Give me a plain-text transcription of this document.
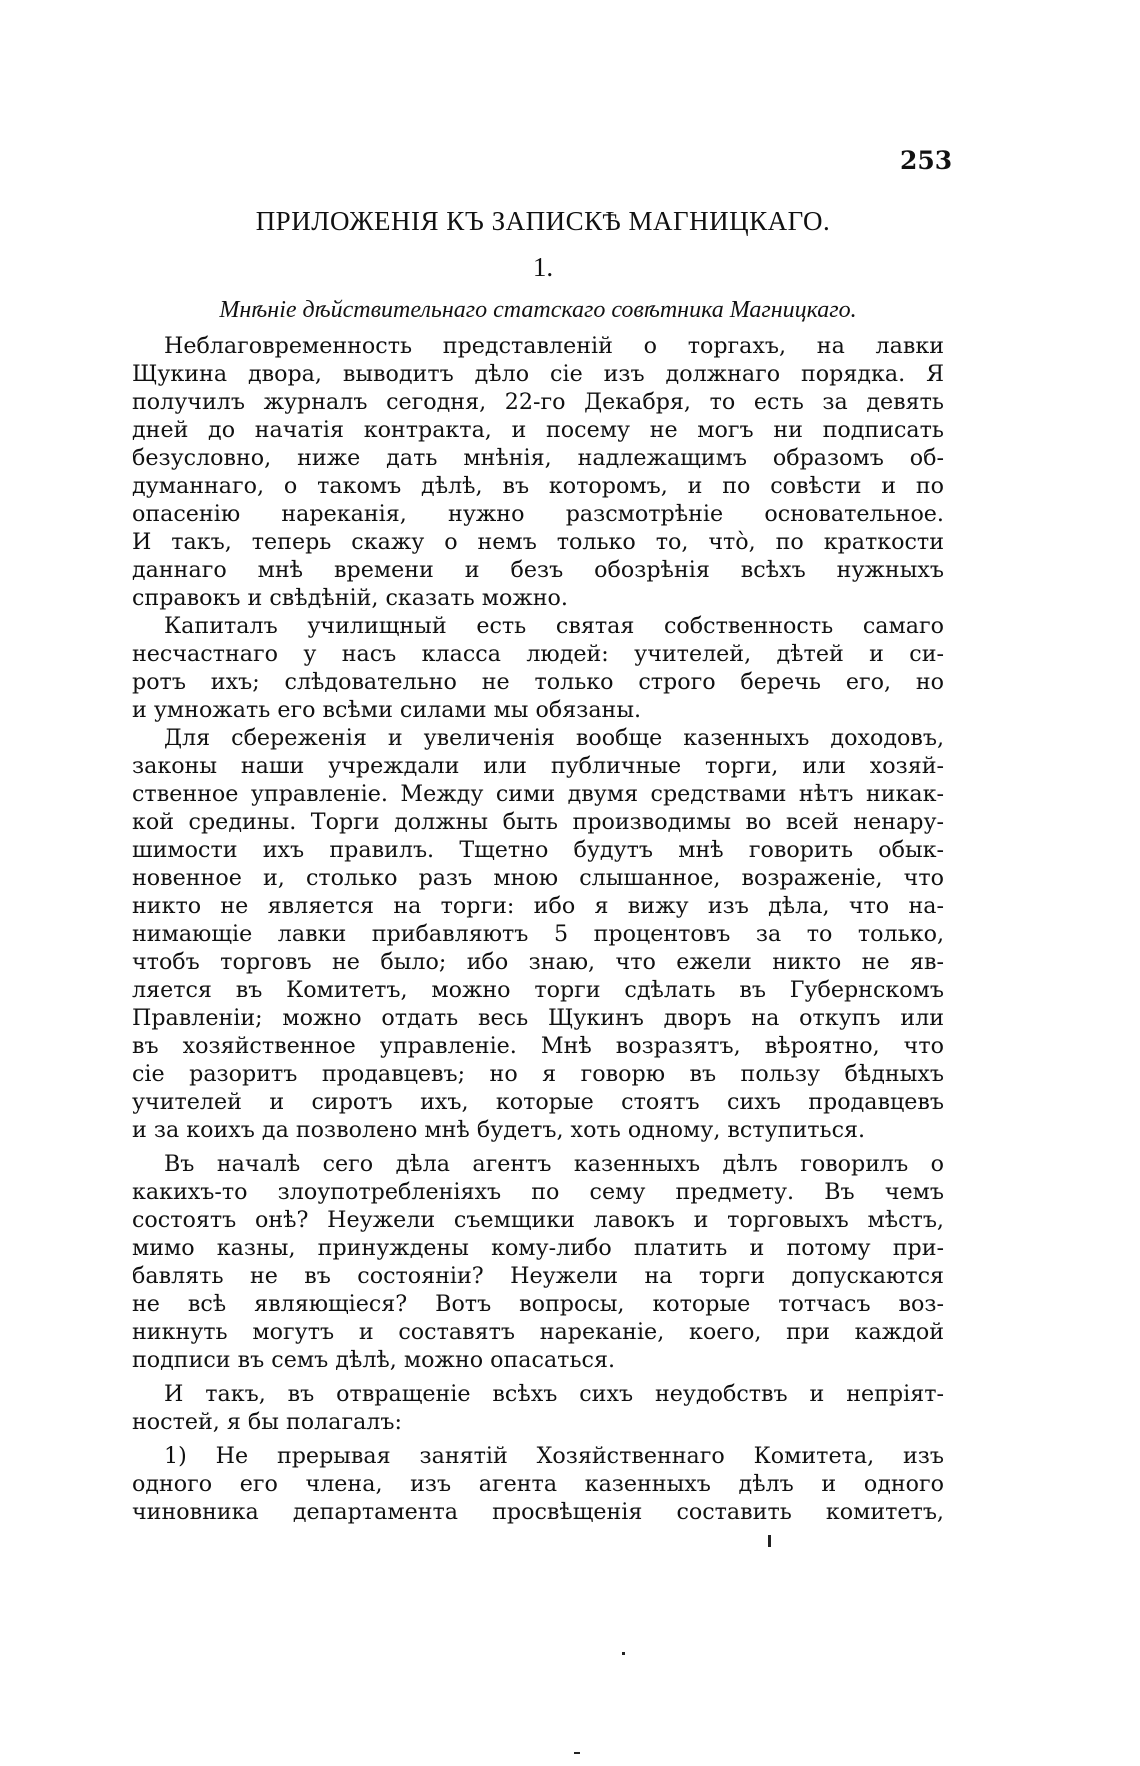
253
ПРИЛОЖЕНІЯ КЪ ЗАПИСКѢ МАГНИЦКАГО.
1.
Мнѣніе дѣйствительнаго статскаго совѣтника Магницкаго.
Неблаговременность представленій о торгахъ, на лавки
Щукина двора, выводитъ дѣло сіе изъ должнаго порядка. Я
получилъ журналъ сегодня, 22-го Декабря, то есть за девять
дней до начатія контракта, и посему не могъ ни подписать
безусловно, ниже дать мнѣнія, надлежащимъ образомъ об-
думаннаго, о такомъ дѣлѣ, въ которомъ, и по совѣсти и по
опасенію нареканія, нужно разсмотрѣніе основательное.
И такъ, теперь скажу о немъ только то, что̀, по краткости
даннаго мнѣ времени и безъ обозрѣнія всѣхъ нужныхъ
справокъ и свѣдѣній, сказать можно.
Капиталъ училищный есть святая собственность самаго
несчастнаго у насъ класса людей: учителей, дѣтей и си-
ротъ ихъ; слѣдовательно не только строго беречь его, но
и умножать его всѣми силами мы обязаны.
Для сбереженія и увеличенія вообще казенныхъ доходовъ,
законы наши учреждали или публичные торги, или хозяй-
ственное управленіе. Между сими двумя средствами нѣтъ никак-
кой средины. Торги должны быть производимы во всей ненару-
шимости ихъ правилъ. Тщетно будутъ мнѣ говорить обык-
новенное и, столько разъ мною слышанное, возраженіе, что
никто не является на торги: ибо я вижу изъ дѣла, что на-
нимающіе лавки прибавляютъ 5 процентовъ за то только,
чтобъ торговъ не было; ибо знаю, что ежели никто не яв-
ляется въ Комитетъ, можно торги сдѣлать въ Губернскомъ
Правленіи; можно отдать весь Щукинъ дворъ на откупъ или
въ хозяйственное управленіе. Мнѣ возразятъ, вѣроятно, что
сіе разоритъ продавцевъ; но я говорю въ пользу бѣдныхъ
учителей и сиротъ ихъ, которые стоятъ сихъ продавцевъ
и за коихъ да позволено мнѣ будетъ, хоть одному, вступиться.
Въ началѣ сего дѣла агентъ казенныхъ дѣлъ говорилъ о
какихъ-то злоупотребленіяхъ по сему предмету. Въ чемъ
состоятъ онѣ? Неужели съемщики лавокъ и торговыхъ мѣстъ,
мимо казны, принуждены кому-либо платить и потому при-
бавлять не въ состояніи? Неужели на торги допускаются
не всѣ являющіеся? Вотъ вопросы, которые тотчасъ воз-
никнуть могутъ и составятъ нареканіе, коего, при каждой
подписи въ семъ дѣлѣ, можно опасаться.
И такъ, въ отвращеніе всѣхъ сихъ неудобствъ и непріят-
ностей, я бы полагалъ:
1) Не прерывая занятій Хозяйственнаго Комитета, изъ
одного его члена, изъ агента казенныхъ дѣлъ и одного
чиновника департамента просвѣщенія составить комитетъ,
